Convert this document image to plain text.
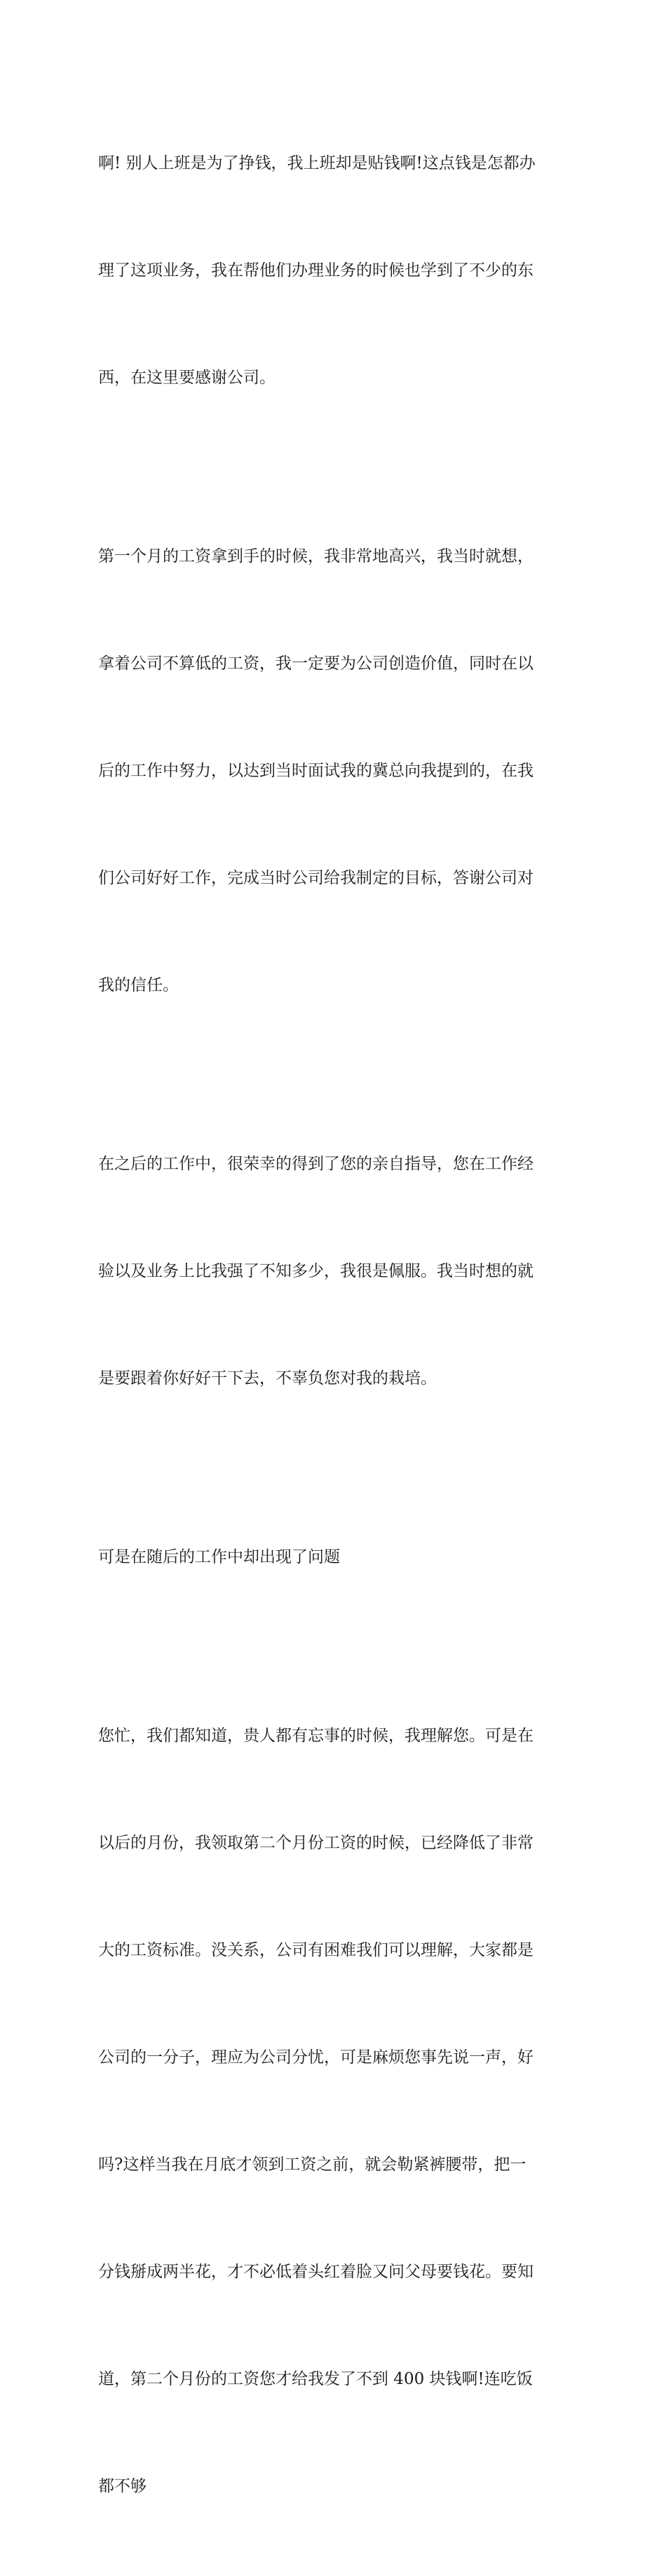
啊! 别人上班是为了挣钱，我上班却是贴钱啊!这点钱是怎都办

理了这项业务，我在帮他们办理业务的时候也学到了不少的东

西，在这里要感谢公司。

第一个月的工资拿到手的时候，我非常地高兴，我当时就想，

拿着公司不算低的工资，我一定要为公司创造价值，同时在以

后的工作中努力，以达到当时面试我的冀总向我提到的，在我

们公司好好工作，完成当时公司给我制定的目标，答谢公司对

我的信任。

在之后的工作中，很荣幸的得到了您的亲自指导，您在工作经

验以及业务上比我强了不知多少，我很是佩服。我当时想的就

是要跟着你好好干下去，不辜负您对我的栽培。

可是在随后的工作中却出现了问题

您忙，我们都知道，贵人都有忘事的时候，我理解您。可是在

以后的月份，我领取第二个月份工资的时候，已经降低了非常

大的工资标准。没关系，公司有困难我们可以理解，大家都是

公司的一分子，理应为公司分忧，可是麻烦您事先说一声，好

吗?这样当我在月底才领到工资之前，就会勒紧裤腰带，把一

分钱掰成两半花，才不必低着头红着脸又问父母要钱花。要知

道，第二个月份的工资您才给我发了不到 400 块钱啊!连吃饭

都不够
